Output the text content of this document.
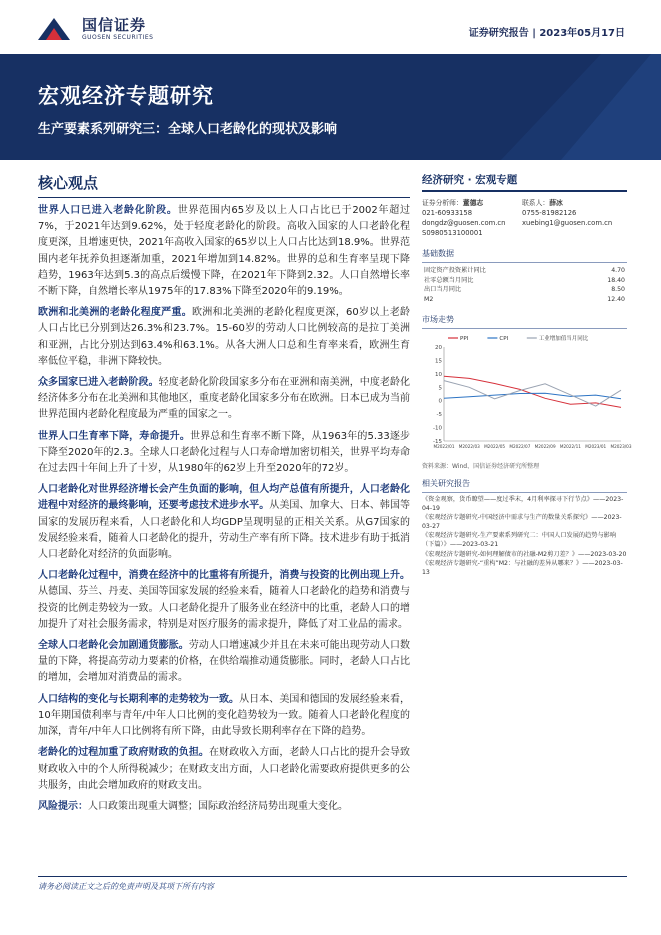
国信证券
GUOSEN SECURITIES	证券研究报告 | 2023年05月17日
宏观经济专题研究
生产要素系列研究三：全球人口老龄化的现状及影响
核心观点

世界人口已进入老龄化阶段。世界范围内65岁及以上人口占比已于2002年超过7%，于2021年达到9.62%，处于轻度老龄化的阶段。高收入国家的人口老龄化程度更深，且增速更快，2021年高收入国家的65岁以上人口占比达到18.9%。世界范围内老年抚养负担逐渐加重，2021年增加到14.82%。世界的总和生育率呈现下降趋势，1963年达到5.3的高点后缓慢下降，在2021年下降到2.32。人口自然增长率不断下降，自然增长率从1975年的17.83%下降至2020年的9.19%。

欧洲和北美洲的老龄化程度严重。欧洲和北美洲的老龄化程度更深，60岁以上老龄人口占比已分别到达26.3%和23.7%。15-60岁的劳动人口比例较高的是拉丁美洲和亚洲，占比分别达到63.4%和63.1%。从各大洲人口总和生育率来看，欧洲生育率低位平稳，非洲下降较快。

众多国家已进入老龄阶段。轻度老龄化阶段国家多分布在亚洲和南美洲，中度老龄化经济体多分布在北美洲和其他地区，重度老龄化国家多分布在欧洲。日本已成为当前世界范围内老龄化程度最为严重的国家之一。

世界人口生育率下降，寿命提升。世界总和生育率不断下降，从1963年的5.33逐步下降至2020年的2.3。全球人口老龄化过程与人口寿命增加密切相关，世界平均寿命在过去四十年间上升了十岁，从1980年的62岁上升至2020年的72岁。

人口老龄化对世界经济增长会产生负面的影响，但人均产总值有所提升，人口老龄化进程中对经济的最终影响，还要考虑技术进步水平。从美国、加拿大、日本、韩国等国家的发展历程来看，人口老龄化和人均GDP呈现明显的正相关关系。从G7国家的发展经验来看，随着人口老龄化的提升，劳动生产率有所下降。技术进步有助于抵消人口老龄化对经济的负面影响。

人口老龄化过程中，消费在经济中的比重将有所提升，消费与投资的比例出现上升。从德国、芬兰、丹麦、美国等国家发展的经验来看，随着人口老龄化的趋势和消费与投资的比例走势较为一致。人口老龄化提升了服务业在经济中的比重，老龄人口的增加提升了对社会服务需求，特别是对医疗服务的需求提升，降低了对工业品的需求。

全球人口老龄化会加剧通货膨胀。劳动人口增速减少并且在未来可能出现劳动人口数量的下降，将提高劳动力要素的价格，在供给端推动通货膨胀。同时，老龄人口占比的增加，会增加对消费品的需求。

人口结构的变化与长期利率的走势较为一致。从日本、美国和德国的发展经验来看，10年期国债利率与青年/中年人口比例的变化趋势较为一致。随着人口老龄化程度的加深，青年/中年人口比例将有所下降，由此导致长期利率存在下降的趋势。

老龄化的过程加重了政府财政的负担。在财政收入方面，老龄人口占比的提升会导致财政收入中的个人所得税减少；在财政支出方面，人口老龄化需要政府提供更多的公共服务，由此会增加政府的财政支出。

风险提示：人口政策出现重大调整；国际政治经济局势出现重大变化。

经济研究 · 宏观专题
证券分析师：董德志
021-60933158
dongdz@guosen.com.cn
S0980513100001
联系人：薛冰
0755-81982126
xuebing1@guosen.com.cn
基础数据
固定资产投资累计同比	4.70
社零总额当月同比	18.40
出口当月同比	8.50
M2	12.40
市场走势
20
15
10
5
0
-5
-10
-15
M2022/01 M2022/03 M2022/05 M2022/07 M2022/09 M2022/11 M2023/01 M2023/03
PPI	CPI	工业增加值当月同比
资料来源：Wind、国信证券经济研究所整理
相关研究报告
《资金观察，货币瞭望——度过季末，4月利率探寻下行节点》——2023-04-19
《宏观经济专题研究-中国经济中需求与生产的数量关系探究》——2023-03-27
《宏观经济专题研究-生产要素系列研究二：中国人口发展的趋势与影响（下篇）》——2023-03-21
《宏观经济专题研究-如何理解债市的社融-M2剪刀差？》——2023-03-20
《宏观经济专题研究-“重构”M2：与社融的差异从哪来？》——2023-03-13
请务必阅读正文之后的免责声明及其项下所有内容
